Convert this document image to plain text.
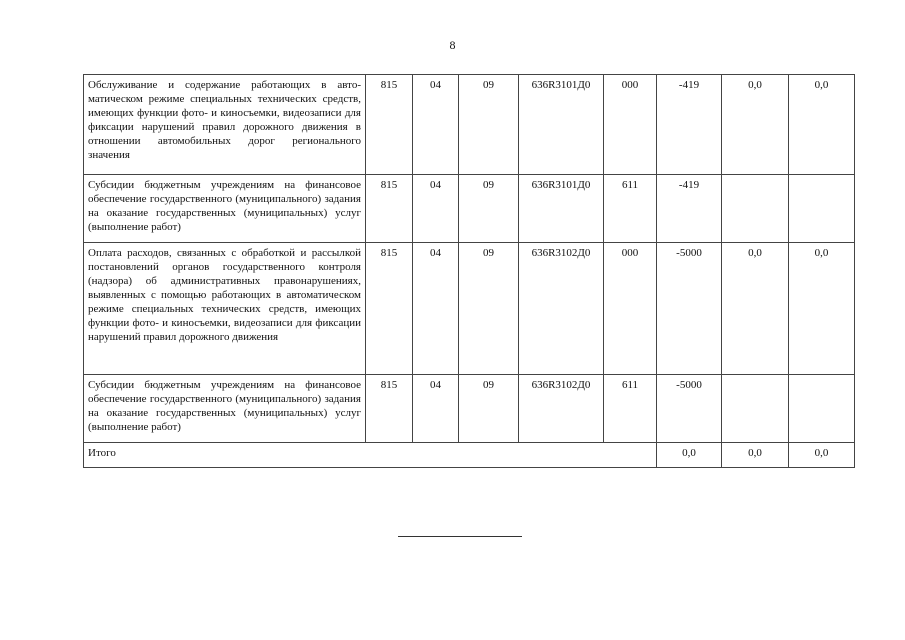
8
Обслуживание и содержание работающих в автоматическом режиме специальных технических средств, имеющих функции фото- и киносъемки, видеозаписи для фиксации нарушений правил дорожного движения в отношении автомобильных дорог регионального значения	815	04	09	636R3101Д0	000	-419	0,0	0,0
Субсидии бюджетным учреждениям на финансовое обеспечение государственного (муниципального) задания на оказание государственных (муниципальных) услуг (выполнение работ)	815	04	09	636R3101Д0	611	-419		
Оплата расходов, связанных с обработкой и рассылкой постановлений органов государственного контроля (надзора) об административных правонарушениях, выявленных с помощью работающих в автоматическом режиме специальных технических средств, имеющих функции фото- и киносъемки, видеозаписи для фиксации нарушений правил дорожного движения	815	04	09	636R3102Д0	000	-5000	0,0	0,0
Субсидии бюджетным учреждениям на финансовое обеспечение государственного (муниципального) задания на оказание государственных (муниципальных) услуг (выполнение работ)	815	04	09	636R3102Д0	611	-5000		
Итого						0,0	0,0	0,0
